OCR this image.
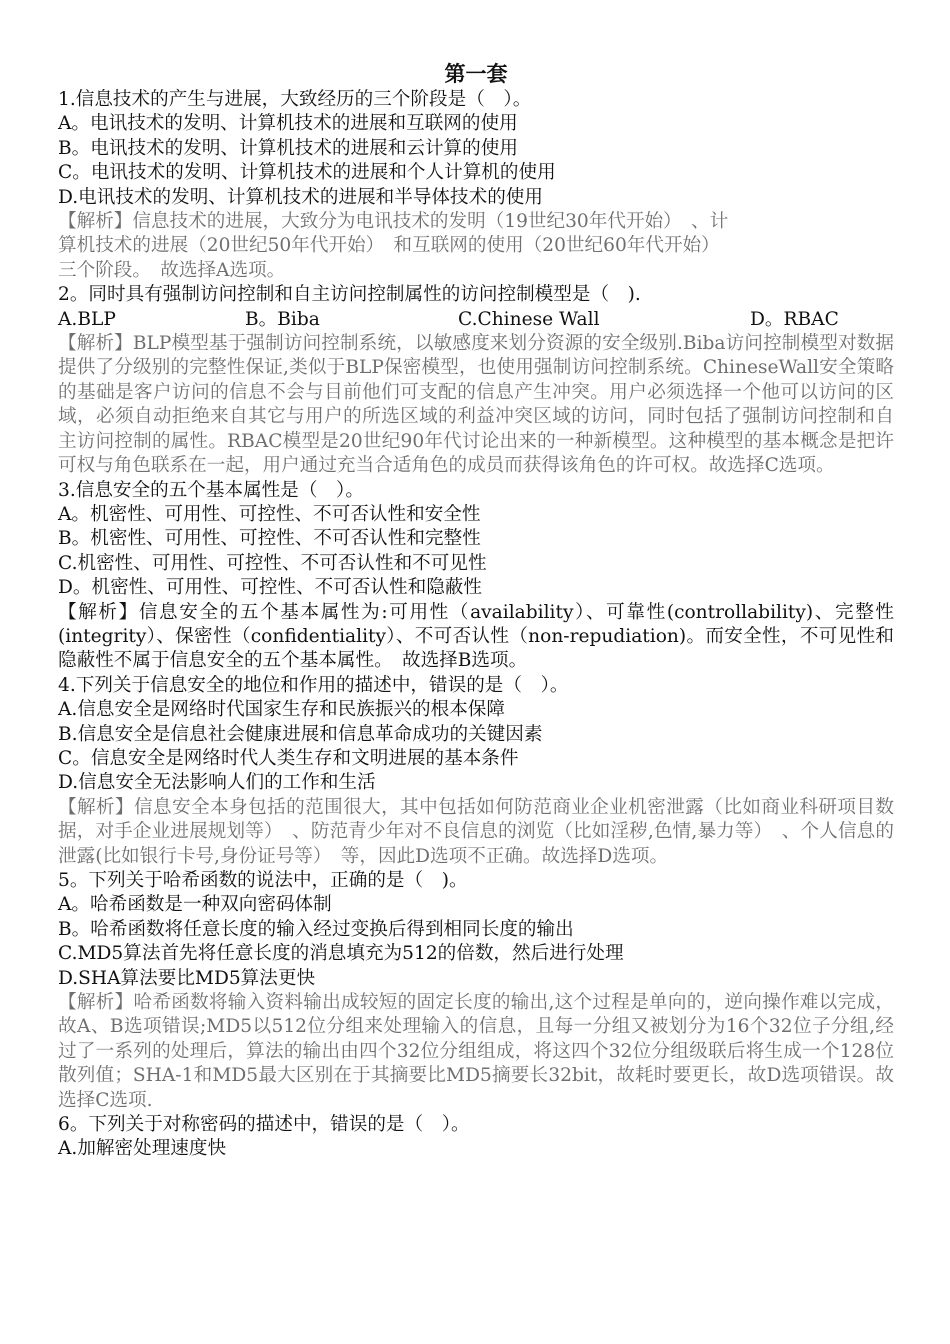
第一套
1.信息技术的产生与进展，大致经历的三个阶段是（　）。
A。电讯技术的发明、计算机技术的进展和互联网的使用
B。电讯技术的发明、计算机技术的进展和云计算的使用
C。电讯技术的发明、计算机技术的进展和个人计算机的使用
D.电讯技术的发明、计算机技术的进展和半导体技术的使用
【解析】信息技术的进展，大致分为电讯技术的发明（19世纪30年代开始）　、计
算机技术的进展（20世纪50年代开始）　和互联网的使用（20世纪60年代开始）
三个阶段。　故选择A选项。
2。同时具有强制访问控制和自主访问控制属性的访问控制模型是（　).
A.BLP	B。Biba	C.Chinese Wall	D。RBAC
【解析】BLP模型基于强制访问控制系统，以敏感度来划分资源的安全级别.Biba访问控制模型对数据提供了分级别的完整性保证,类似于BLP保密模型，也使用强制访问控制系统。ChineseWall安全策略的基础是客户访问的信息不会与目前他们可支配的信息产生冲突。用户必须选择一个他可以访问的区域，必须自动拒绝来自其它与用户的所选区域的利益冲突区域的访问，同时包括了强制访问控制和自主访问控制的属性。RBAC模型是20世纪90年代讨论出来的一种新模型。这种模型的基本概念是把许可权与角色联系在一起，用户通过充当合适角色的成员而获得该角色的许可权。故选择C选项。
3.信息安全的五个基本属性是（　）。
A。机密性、可用性、可控性、不可否认性和安全性
B。机密性、可用性、可控性、不可否认性和完整性
C.机密性、可用性、可控性、不可否认性和不可见性
D。机密性、可用性、可控性、不可否认性和隐蔽性
【解析】信息安全的五个基本属性为:可用性（availability）、可靠性(controllability)、完整性(integrity）、保密性（confidentiality）、不可否认性（non-repudiation)。而安全性，不可见性和隐蔽性不属于信息安全的五个基本属性。　故选择B选项。
4.下列关于信息安全的地位和作用的描述中，错误的是（　）。
A.信息安全是网络时代国家生存和民族振兴的根本保障
B.信息安全是信息社会健康进展和信息革命成功的关键因素
C。信息安全是网络时代人类生存和文明进展的基本条件
D.信息安全无法影响人们的工作和生活
【解析】信息安全本身包括的范围很大，其中包括如何防范商业企业机密泄露（比如商业科研项目数据，对手企业进展规划等）　、防范青少年对不良信息的浏览（比如淫秽,色情,暴力等）　、个人信息的泄露(比如银行卡号,身份证号等）　等，因此D选项不正确。故选择D选项。
5。下列关于哈希函数的说法中，正确的是（　)。
A。哈希函数是一种双向密码体制
B。哈希函数将任意长度的输入经过变换后得到相同长度的输出
C.MD5算法首先将任意长度的消息填充为512的倍数，然后进行处理
D.SHA算法要比MD5算法更快
【解析】哈希函数将输入资料输出成较短的固定长度的输出,这个过程是单向的，逆向操作难以完成，故A、B选项错误;MD5以512位分组来处理输入的信息，且每一分组又被划分为16个32位子分组,经过了一系列的处理后，算法的输出由四个32位分组组成，将这四个32位分组级联后将生成一个128位散列值；SHA-1和MD5最大区别在于其摘要比MD5摘要长32bit，故耗时要更长，故D选项错误。故选择C选项.
6。下列关于对称密码的描述中，错误的是（　）。
A.加解密处理速度快
